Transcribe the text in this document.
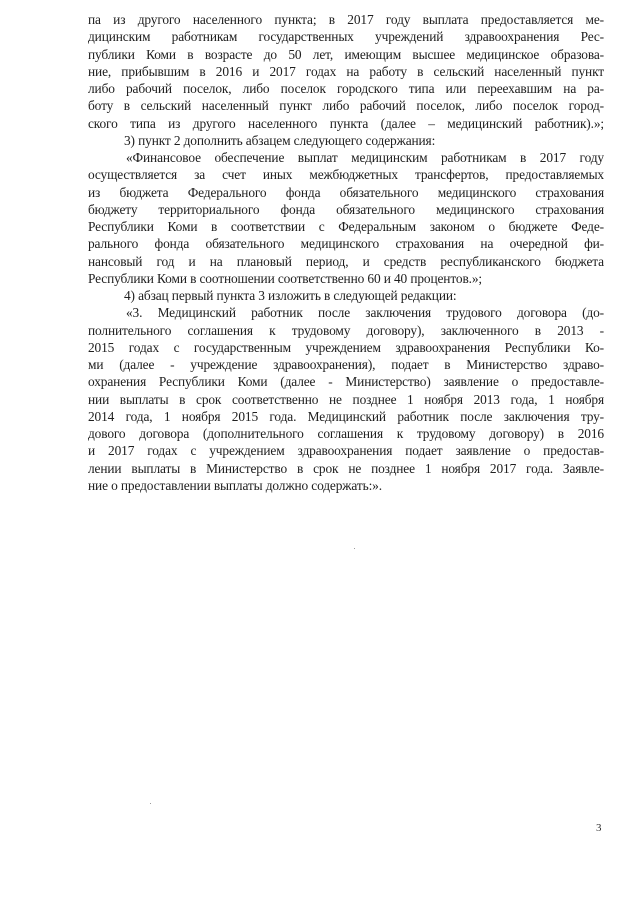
па из другого населенного пункта; в 2017 году выплата предоставляется ме-
дицинским работникам государственных учреждений здравоохранения Рес-
публики Коми в возрасте до 50 лет, имеющим высшее медицинское образова-
ние, прибывшим в 2016 и 2017 годах на работу в сельский населенный пункт
либо рабочий поселок, либо поселок городского типа или переехавшим на ра-
боту в сельский населенный пункт либо рабочий поселок, либо поселок город-
ского типа из другого населенного пункта (далее – медицинский работник).»;
3) пункт 2 дополнить абзацем следующего содержания:
«Финансовое обеспечение выплат медицинским работникам в 2017 году
осуществляется за счет иных межбюджетных трансфертов, предоставляемых
из бюджета Федерального фонда обязательного медицинского страхования
бюджету территориального фонда обязательного медицинского страхования
Республики Коми в соответствии с Федеральным законом о бюджете Феде-
рального фонда обязательного медицинского страхования на очередной фи-
нансовый год и на плановый период, и средств республиканского бюджета
Республики Коми в соотношении соответственно 60 и 40 процентов.»;
4) абзац первый пункта 3 изложить в следующей редакции:
«3. Медицинский работник после заключения трудового договора (до-
полнительного соглашения к трудовому договору), заключенного в 2013 -
2015 годах с государственным учреждением здравоохранения Республики Ко-
ми (далее - учреждение здравоохранения), подает в Министерство здраво-
охранения Республики Коми (далее - Министерство) заявление о предоставле-
нии выплаты в срок соответственно не позднее 1 ноября 2013 года, 1 ноября
2014 года, 1 ноября 2015 года. Медицинский работник после заключения тру-
дового договора (дополнительного соглашения к трудовому договору) в 2016
и 2017 годах с учреждением здравоохранения подает заявление о предостав-
лении выплаты в Министерство в срок не позднее 1 ноября 2017 года. Заявле-
ние о предоставлении выплаты должно содержать:».
3
